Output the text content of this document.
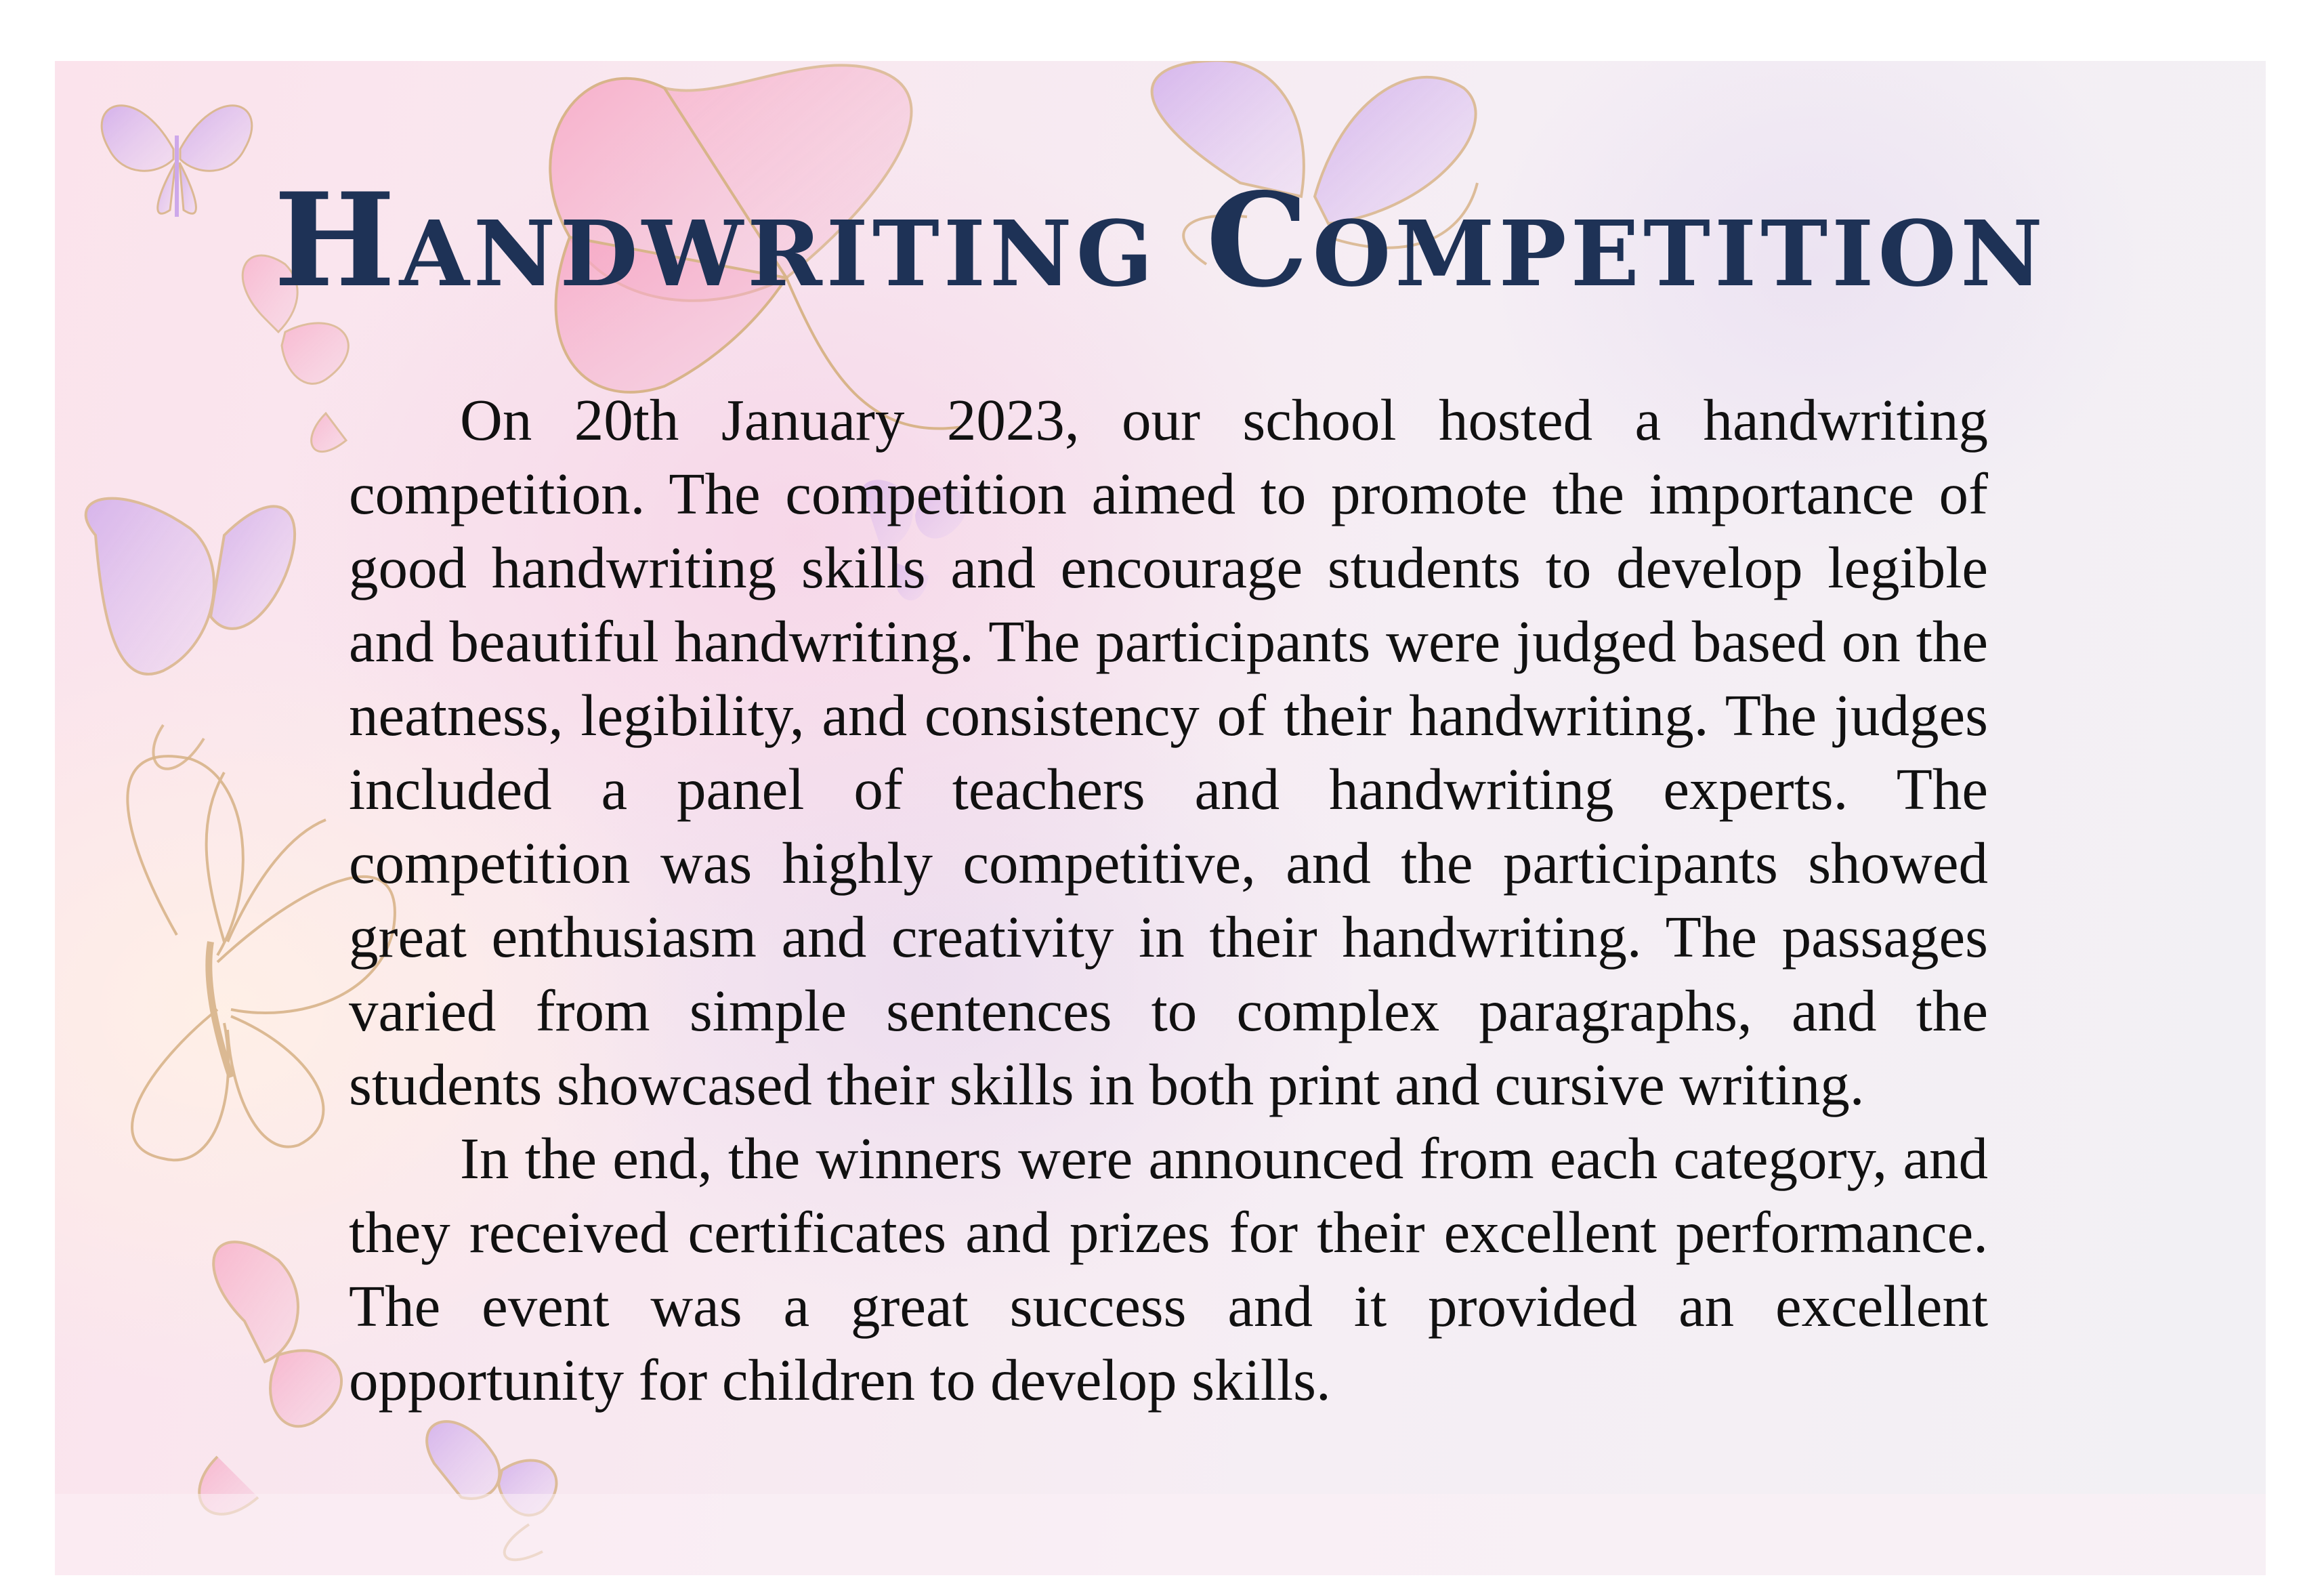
Handwriting Competition

On 20th January 2023, our school hosted a handwriting competition. The competition aimed to promote the importance of good handwriting skills and encourage students to develop legible and beautiful handwriting. The participants were judged based on the neatness, legibility, and consistency of their handwriting. The judges included a panel of teachers and handwriting experts. The competition was highly competitive, and the participants showed great enthusiasm and creativity in their handwriting. The passages varied from simple sentences to complex paragraphs, and the students showcased their skills in both print and cursive writing.

In the end, the winners were announced from each category, and they received certificates and prizes for their excellent performance. The event was a great success and it provided an excellent opportunity for children to develop skills.
